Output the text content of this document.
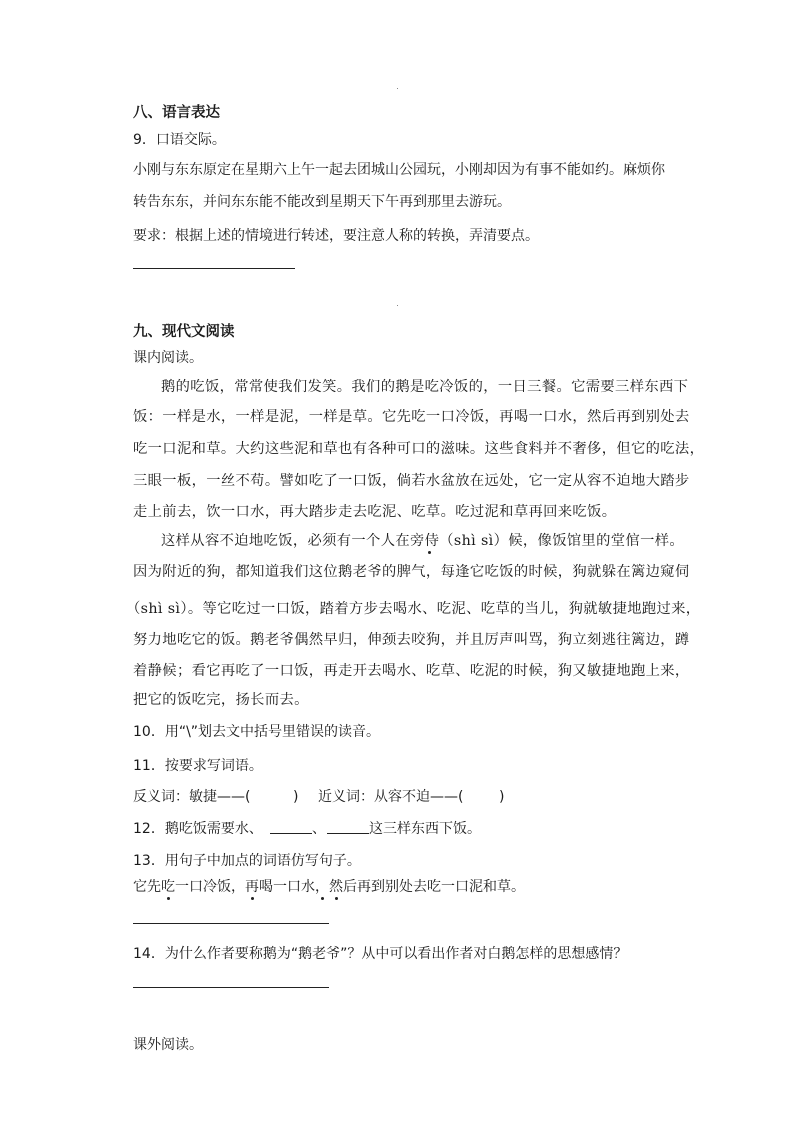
八、语言表达
9．口语交际。
小刚与东东原定在星期六上午一起去团城山公园玩，小刚却因为有事不能如约。麻烦你
转告东东，并问东东能不能改到星期天下午再到那里去游玩。
要求：根据上述的情境进行转述，要注意人称的转换，弄清要点。
九、现代文阅读
课内阅读。
鹅的吃饭，常常使我们发笑。我们的鹅是吃冷饭的，一日三餐。它需要三样东西下
饭：一样是水，一样是泥，一样是草。它先吃一口冷饭，再喝一口水，然后再到别处去
吃一口泥和草。大约这些泥和草也有各种可口的滋味。这些食料并不奢侈，但它的吃法，
三眼一板，一丝不苟。譬如吃了一口饭，倘若水盆放在远处，它一定从容不迫地大踏步
走上前去，饮一口水，再大踏步走去吃泥、吃草。吃过泥和草再回来吃饭。
这样从容不迫地吃饭，必须有一个人在旁侍（shì sì）候，像饭馆里的堂倌一样。
因为附近的狗，都知道我们这位鹅老爷的脾气，每逢它吃饭的时候，狗就躲在篱边窥伺
（shì sì）。等它吃过一口饭，踏着方步去喝水、吃泥、吃草的当儿，狗就敏捷地跑过来，
努力地吃它的饭。鹅老爷偶然早归，伸颈去咬狗，并且厉声叫骂，狗立刻逃往篱边，蹲
着静候；看它再吃了一口饭，再走开去喝水、吃草、吃泥的时候，狗又敏捷地跑上来，
把它的饭吃完，扬长而去。
10．用“\”划去文中括号里错误的读音。
11．按要求写词语。
反义词：敏捷——(	) 近义词：从容不迫——(	)
12．鹅吃饭需要水、	、	这三样东西下饭。
13．用句子中加点的词语仿写句子。
它先吃一口冷饭，再喝一口水，然后再到别处去吃一口泥和草。
14．为什么作者要称鹅为“鹅老爷”？从中可以看出作者对白鹅怎样的思想感情？
课外阅读。
